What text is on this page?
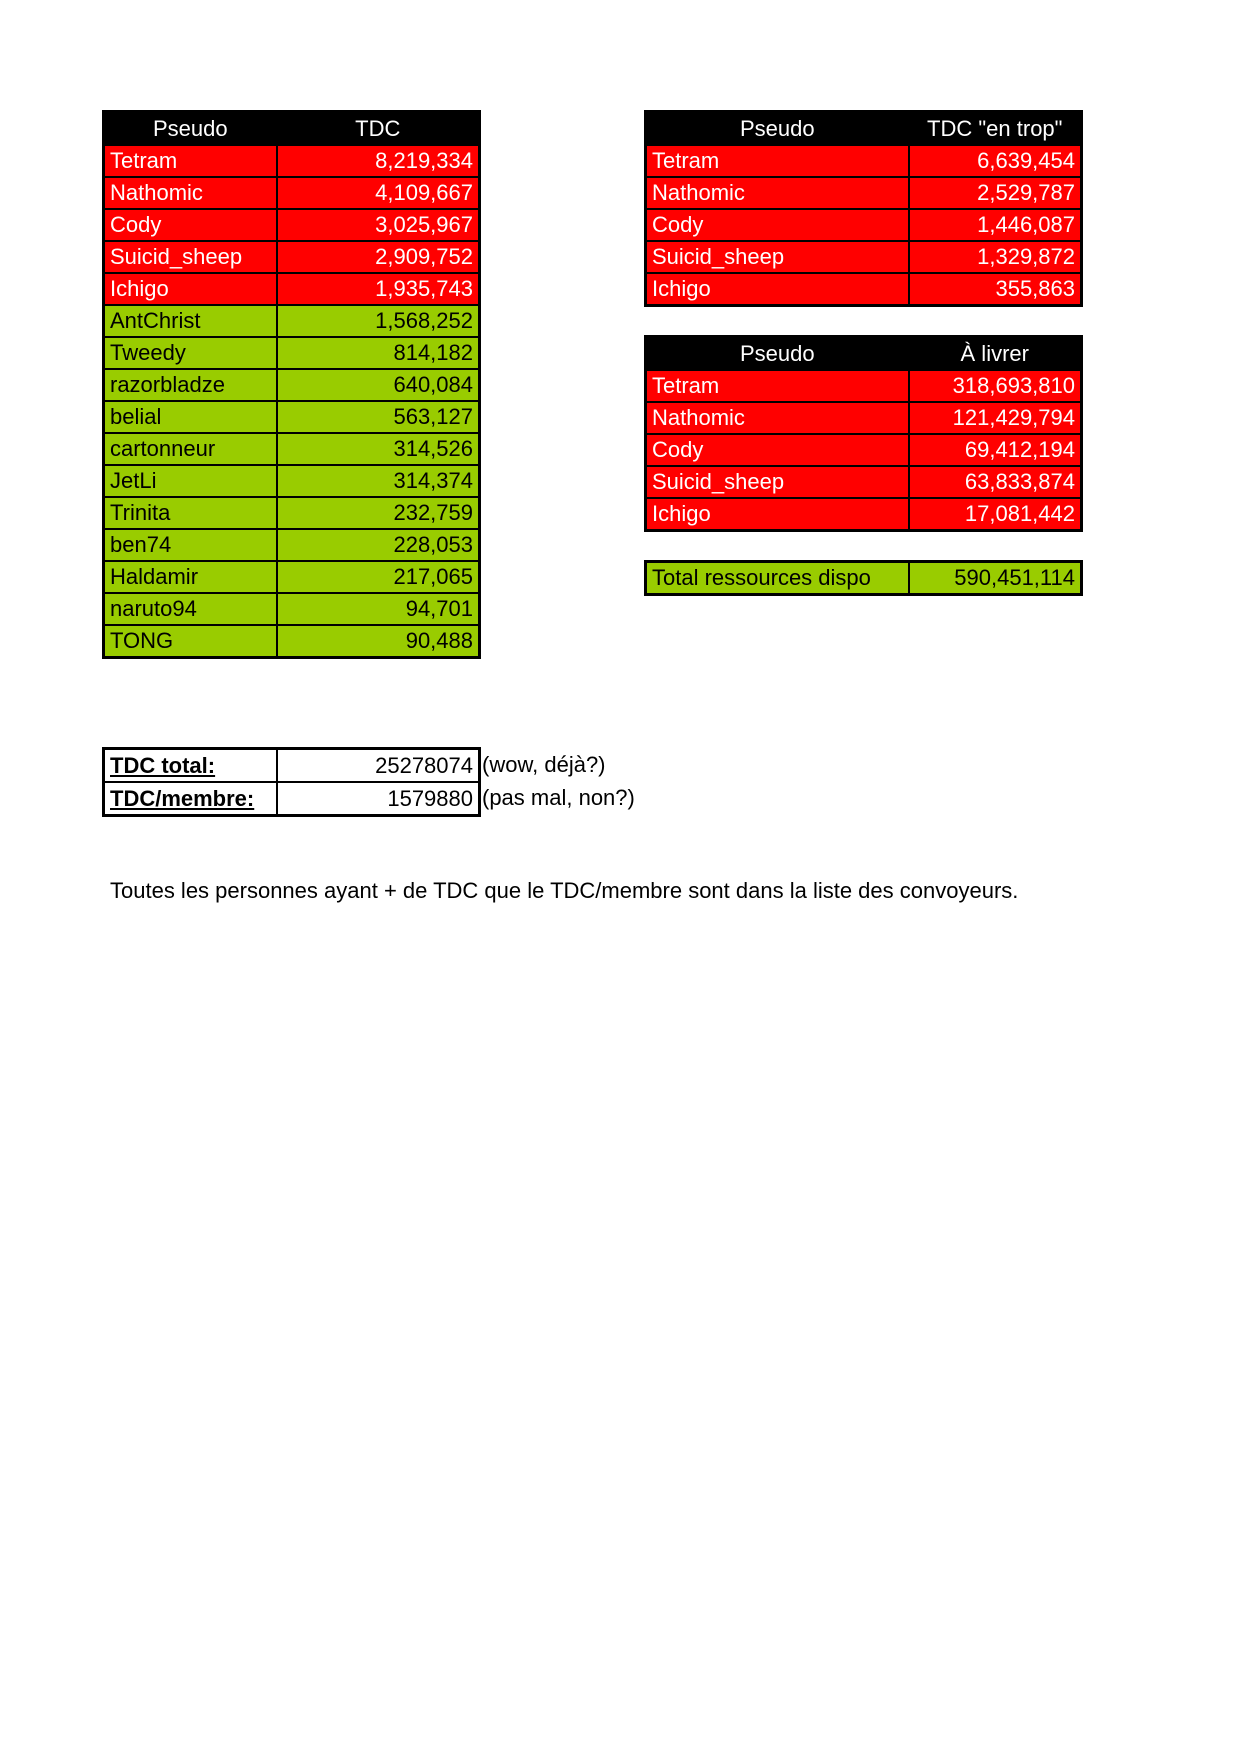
Pseudo	TDC
Tetram	8,219,334
Nathomic	4,109,667
Cody	3,025,967
Suicid_sheep	2,909,752
Ichigo	1,935,743
AntChrist	1,568,252
Tweedy	814,182
razorbladze	640,084
belial	563,127
cartonneur	314,526
JetLi	314,374
Trinita	232,759
ben74	228,053
Haldamir	217,065
naruto94	94,701
TONG	90,488
Pseudo	TDC "en trop"
Tetram	6,639,454
Nathomic	2,529,787
Cody	1,446,087
Suicid_sheep	1,329,872
Ichigo	355,863
Pseudo	À livrer
Tetram	318,693,810
Nathomic	121,429,794
Cody	69,412,194
Suicid_sheep	63,833,874
Ichigo	17,081,442
Total ressources dispo	590,451,114
TDC total:	25278074
TDC/membre:	1579880
(wow, déjà?)
(pas mal, non?)
Toutes les personnes ayant + de TDC que le TDC/membre sont dans la liste des convoyeurs.
